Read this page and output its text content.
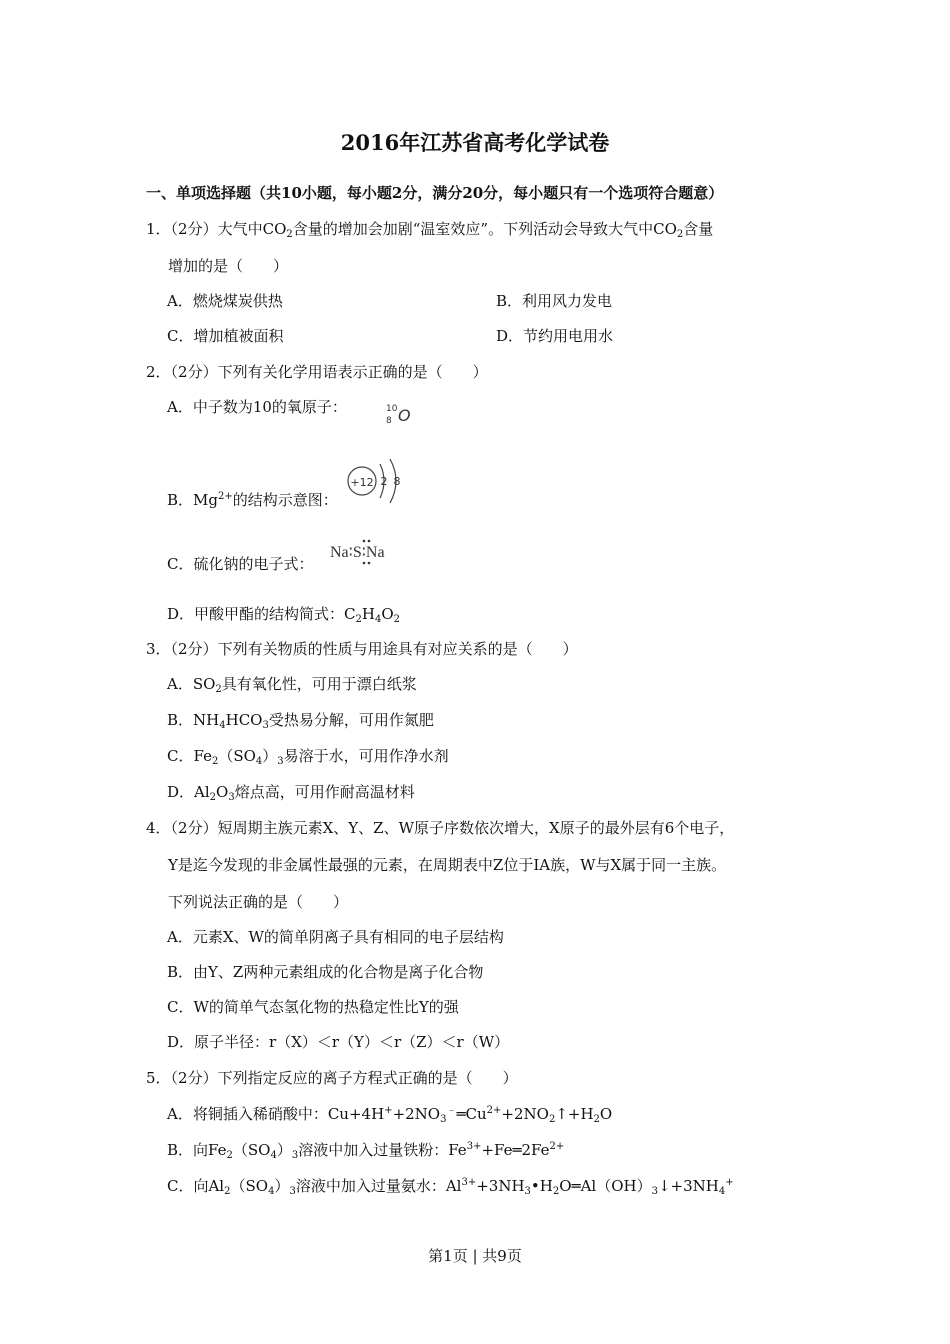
2016年江苏省高考化学试卷
一、单项选择题（共10小题，每小题2分，满分20分，每小题只有一个选项符合题意）
1．（2分）大气中$CO_2$含量的增加会加剧“温室效应”。下列活动会导致大气中$CO_2$含量
增加的是（　　）
A．燃烧煤炭供热	B．利用风力发电
C．增加植被面积	D．节约用电用水
2．（2分）下列有关化学用语表示正确的是（　　）
A．中子数为10的氧原子：	10
8 O
B．$Mg^{2+}$的结构示意图：
+12 2 8
C．硫化钠的电子式：
Na∶S∶Na
D．甲酸甲酯的结构简式：$C_2H_4O_2$
3．（2分）下列有关物质的性质与用途具有对应关系的是（　　）
A．$SO_2$具有氧化性，可用于漂白纸浆
B．$NH_4HCO_3$受热易分解，可用作氮肥
C．$Fe_2(SO_4)_3$易溶于水，可用作净水剂
D．$Al_2O_3$熔点高，可用作耐高温材料
4．（2分）短周期主族元素X、Y、Z、W原子序数依次增大，X原子的最外层有6个电子，
Y是迄今发现的非金属性最强的元素，在周期表中Z位于IA族，W与X属于同一主族。
下列说法正确的是（　　）
A．元素X、W的简单阴离子具有相同的电子层结构
B．由Y、Z两种元素组成的化合物是离子化合物
C．W的简单气态氢化物的热稳定性比Y的强
D．原子半径：r（X）＜r（Y）＜r（Z）＜r（W）
5．（2分）下列指定反应的离子方程式正确的是（　　）
A．将铜插入稀硝酸中：$Cu+4H^++2NO_3^﹣═Cu^{2+}+2NO_2↑+H_2O$
B．向$Fe_2(SO_4)_3$溶液中加入过量铁粉：$Fe^{3+}+Fe═2Fe^{2+}$
C．向$Al_2(SO_4)_3$溶液中加入过量氨水：$Al^{3+}+3NH_3•H_2O═Al(OH)_3↓+3NH_4^+$
第1页 | 共9页
